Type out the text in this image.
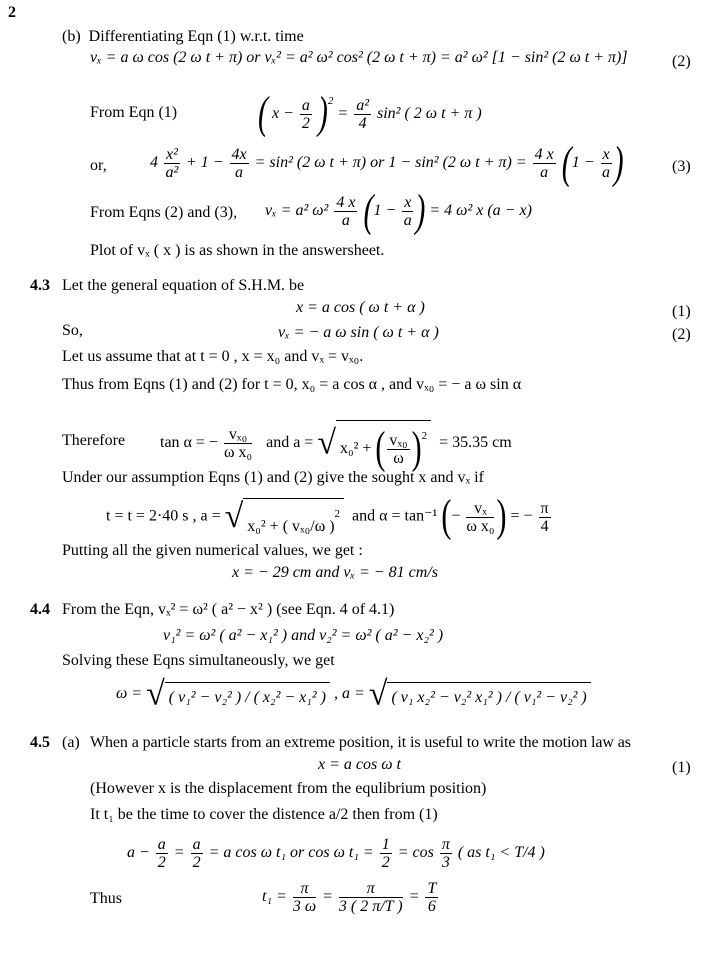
2
(b) Differentiating Eqn (1) w.r.t. time
vₓ = a ω cos (2 ω t + π) or vₓ² = a² ω² cos² (2 ω t + π) = a² ω² [1 − sin² (2 ω t + π)]	(2)
From Eqn (1)	( $x - \frac{a}{2} )^2 = \frac{\text{a²}}{4} \sin^2$ ( 2 ω t + π )
or,	$4 \frac{\text{x²}}{\text{a²}} + 1 - \frac{4x}{a} = \sin^2$ (2 ω t + π) or 1 − sin² (2 ω $t + \pi) = \frac{4 x}{a} (1 - \frac{x}{a}$ )	(3)
From Eqns (2) and (3), vₓ = a² $\omega^2 \frac{4 x}{a} (1 - \frac{x}{a}$ ) = 4 ω² x (a − x)
Plot of vₓ ( x ) is as shown in the answersheet.
4.3 Let the general equation of S.H.M. be
x = a cos ( ω t + α )	(1)
So,	vₓ = − a ω sin ( ω t + α )	(2)
Let us assume that at t = 0 , x = x₀ and vₓ = vₓ₀.
Thus from Eqns (1) and (2) for t = 0, x₀ = a cos α , and vₓ₀ = − a ω sin α
Therefore tan α = − $\frac{\text{vₓ₀}}{\text{ω x₀}}$ and a = √ x₀² + ( $\frac{\text{vₓ₀}}{\omega} )^2 = 35.35$ cm
Under our assumption Eqns (1) and (2) give the sought x and vₓ if
t = t = 2·40 s , a = √ x₀² + ( vₓ₀/ω )$^2$ and α = tan⁻¹ (− $\frac{\text{vₓ}}{\text{ω x₀}}$ ) = − $\frac{\pi}{4}$
Putting all the given numerical values, we get :
x = − 29 cm and vₓ = − 81 cm/s
4.4 From the Eqn, vₓ² = ω² ( a² − x² ) (see Eqn. 4 of 4.1)
v₁² = ω² ( a² − x₁² ) and v₂² = ω² ( a² − x₂² )
Solving these Eqns simultaneously, we get
ω = √ ( v₁² − v₂² ) / ( x₂² − x₁² ) , a = √ ( v₁ x₂² − v₂² x₁² ) / ( v₁² − v₂² )
4.5 (a) When a particle starts from an extreme position, it is useful to write the motion law as
x = a cos ω t	(1)
(However x is the displacement from the equlibrium position)
It t₁ be the time to cover the distence a/2 then from (1)
$a - \frac{a}{2} = \frac{a}{2} = a$ cos ω t₁ or cos ω $t_1 = \frac{1}{2} = \cos \frac{\pi}{3}$ ( as t₁ < T/4 )
Thus	$t_1 = \frac{\pi}{3 \omega} = \frac{\pi}{3 ( 2 \pi/T )} = \frac{T}{6}$
